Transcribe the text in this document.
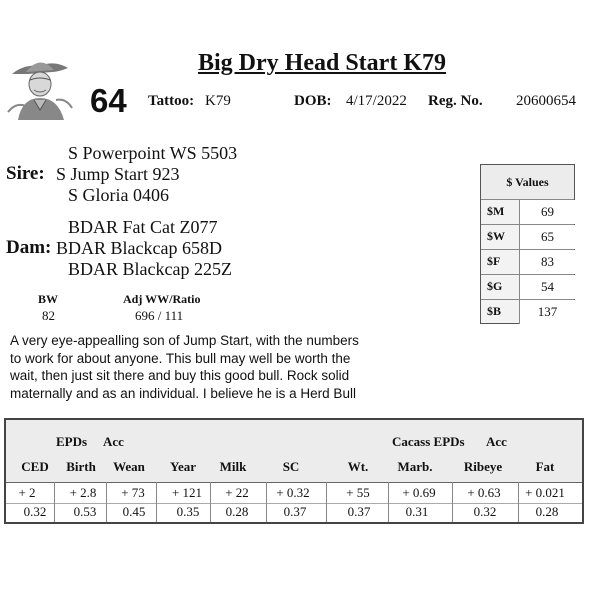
Big Dry Head Start K79
64 Tattoo: K79	DOB: 4/17/2022 Reg. No. 20600654
S Powerpoint WS 5503
Sire: S Jump Start 923
S Gloria 0406
BDAR Fat Cat Z077
Dam: BDAR Blackcap 658D
BDAR Blackcap 225Z
BW
82
Adj WW/Ratio
696 / 111
A very eye-appealling son of Jump Start, with the numbers to work for about anyone. This bull may well be worth the wait, then just sit there and buy this good bull. Rock solid maternally and as an individual. I believe he is a Herd Bull
$ Values
$M	69
$W	65
$F	83
$G	54
$B	137
EPDs Acc	Cacass EPDs Acc
CED	Birth	Wean	Year	Milk	SC	Wt.	Marb.	Ribeye	Fat
+ 2	+ 2.8	+ 73	+ 121	+ 22	+ 0.32	+ 55	+ 0.69	+ 0.63	+ 0.021
0.32	0.53	0.45	0.35	0.28	0.37	0.37	0.31	0.32	0.28
